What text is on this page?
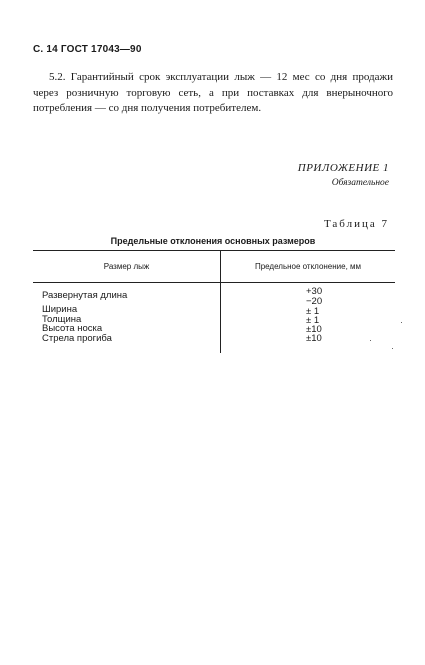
С. 14 ГОСТ 17043—90
5.2. Гарантийный срок эксплуатации лыж — 12 мес со дня продажи через розничную торговую сеть, а при поставках для внерыночного потребления — со дня получения потребителем.
ПРИЛОЖЕНИЕ 1
Обязательное
Таблица 7
Предельные отклонения основных размеров
Размер лыж	Предельное отклонение, мм
Развернутая длина	+30
−20
Ширина	± 1
Толщина	± 1
Высота носка	±10
Стрела прогиба	±10
